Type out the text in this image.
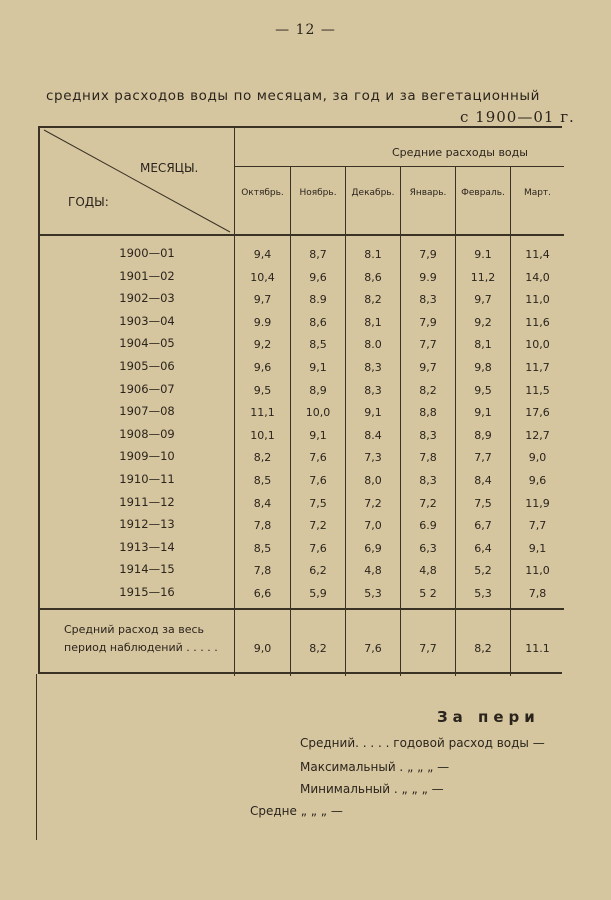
— 12 —
средних расходов воды по месяцам, за год и за вегетационный
с 1900—01 г.
МЕСЯЦЫ.
ГОДЫ:
Средние расходы воды
Октябрь.	Ноябрь.	Декабрь.	Январь.	Февраль.	Март.
1900—01	9,4	8,7	8.1	7,9	9.1	11,4
1901—02	10,4	9,6	8,6	9.9	11,2	14,0
1902—03	9,7	8.9	8,2	8,3	9,7	11,0
1903—04	9.9	8,6	8,1	7,9	9,2	11,6
1904—05	9,2	8,5	8.0	7,7	8,1	10,0
1905—06	9,6	9,1	8,3	9,7	9,8	11,7
1906—07	9,5	8,9	8,3	8,2	9,5	11,5
1907—08	11,1	10,0	9,1	8,8	9,1	17,6
1908—09	10,1	9,1	8.4	8,3	8,9	12,7
1909—10	8,2	7,6	7,3	7,8	7,7	9,0
1910—11	8,5	7,6	8,0	8,3	8,4	9,6
1911—12	8,4	7,5	7,2	7,2	7,5	11,9
1912—13	7,8	7,2	7,0	6.9	6,7	7,7
1913—14	8,5	7,6	6,9	6,3	6,4	9,1
1914—15	7,8	6,2	4,8	4,8	5,2	11,0
1915—16	6,6	5,9	5,3	5 2	5,3	7,8
Средний расход за весь
период наблюдений . . . . .	9,0	8,2	7,6	7,7	8,2	11.1
За пери
Средний. . . . . годовой расход воды —
Максимальный . „ „ „ —
Минимальный . „ „ „ —
Средне „ „ „ —
